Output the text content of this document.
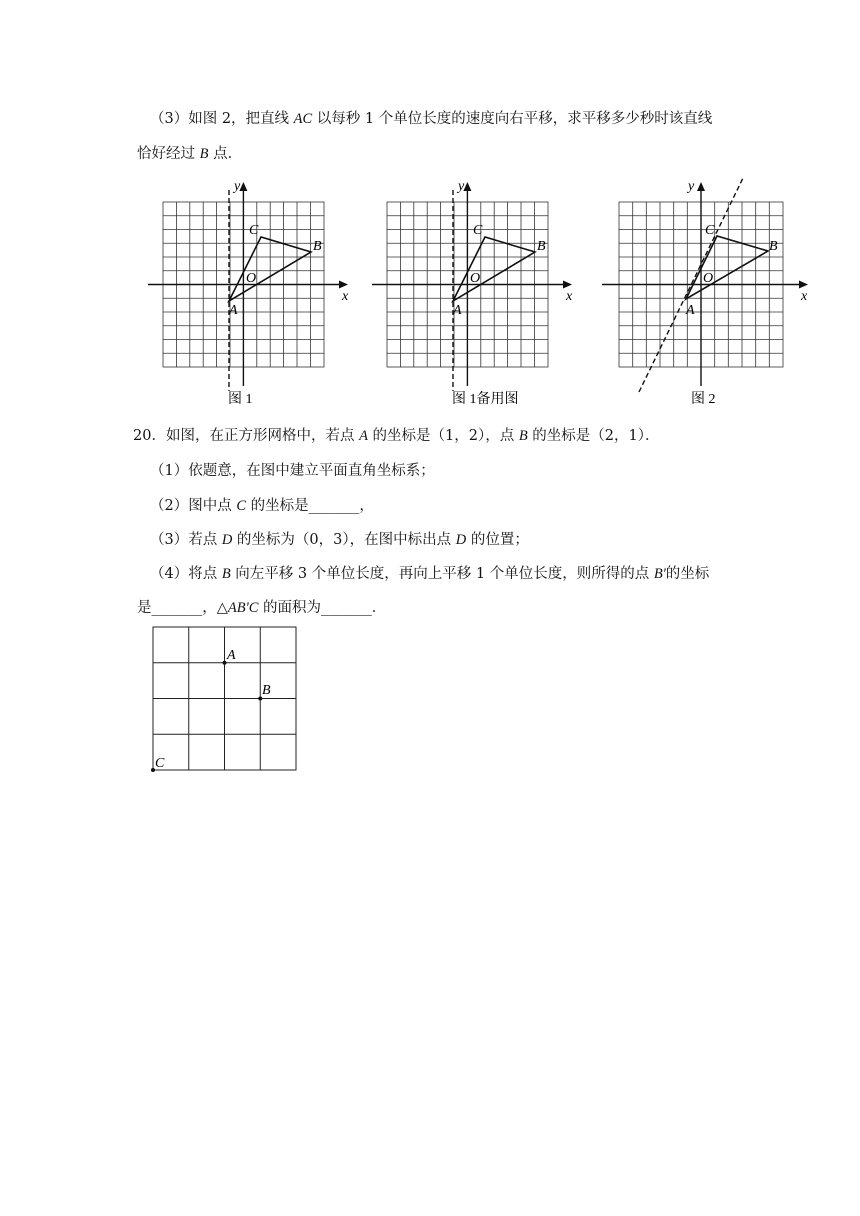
（3）如图 2，把直线 AC 以每秒 1 个单位长度的速度向右平移，求平移多少秒时该直线
恰好经过 B 点．
y
x
C
B
O
A
图 1
y
x
C
B
O
A
图 1备用图
y
x
C
B
O
A
图 2
20．如图，在正方形网格中，若点 A 的坐标是（1，2），点 B 的坐标是（2，1）．
（1）依题意，在图中建立平面直角坐标系；
（2）图中点 C 的坐标是_______，
（3）若点 D 的坐标为（0，3），在图中标出点 D 的位置；
（4）将点 B 向左平移 3 个单位长度，再向上平移 1 个单位长度，则所得的点 B'的坐标
是_______，△AB'C 的面积为_______．
A
B
C
